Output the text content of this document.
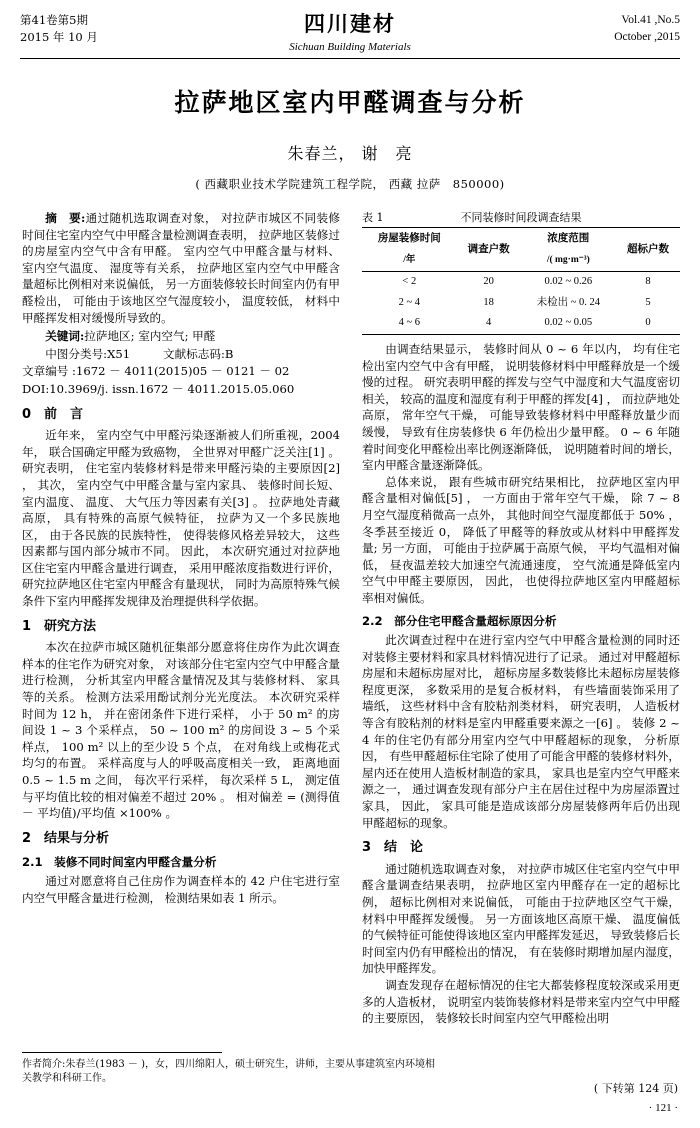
第41卷第5期
2015 年 10 月
四川建材
Sichuan Building Materials
Vol.41 ,No.5
October ,2015
拉萨地区室内甲醛调查与分析
朱春兰， 谢　亮
( 西藏职业技术学院建筑工程学院， 西藏 拉萨　850000)

摘　要:通过随机选取调查对象， 对拉萨市城区不同装修时间住宅室内空气中甲醛含量检测调查表明， 拉萨地区装修过的房屋室内空气中含有甲醛。 室内空气中甲醛含量与材料、 室内空气温度、 湿度等有关系， 拉萨地区室内空气中甲醛含量超标比例相对来说偏低， 另一方面装修较长时间室内仍有甲醛检出， 可能由于该地区空气湿度较小， 温度较低， 材料中甲醛挥发相对缓慢所导致的。

关键词:拉萨地区; 室内空气; 甲醛

中图分类号:X51	文献标志码:B

文章编号 :1672 － 4011(2015)05 － 0121 － 02

DOI:10.3969/j. issn.1672 － 4011.2015.05.060

0　前　言

近年来， 室内空气中甲醛污染逐渐被人们所重视，2004 年， 联合国确定甲醛为致癌物， 全世界对甲醛广泛关注[1] 。研究表明， 住宅室内装修材料是带来甲醛污染的主要原因[2] ， 其次， 室内空气中甲醛含量与室内家具、 装修时间长短、 室内温度、 温度、 大气压力等因素有关[3] 。 拉萨地处青藏高原， 具有特殊的高原气候特征， 拉萨为又一个多民族地区， 由于各民族的民族特性， 使得装修风格差异较大， 这些因素都与国内部分城市不同。 因此， 本次研究通过对拉萨地区住宅室内甲醛含量进行调查， 采用甲醛浓度指数进行评价， 研究拉萨地区住宅室内甲醛含有量现状， 同时为高原特殊气候条件下室内甲醛挥发规律及治理提供科学依据。

1　研究方法

本次在拉萨市城区随机征集部分愿意将住房作为此次调查样本的住宅作为研究对象， 对该部分住宅室内空气中甲醛含量进行检测， 分析其室内甲醛含量情况及其与装修材料、 家具等的关系。 检测方法采用酚试剂分光光度法。 本次研究采样时间为 12 h， 并在密闭条件下进行采样， 小于 50 m² 的房间设 1 ~ 3 个采样点， 50 ~ 100 m² 的房间设 3 ~ 5 个采样点， 100 m² 以上的至少设 5 个点， 在对角线上或梅花式均匀的布置。 采样高度与人的呼吸高度相关一致， 距离地面 0.5 ~ 1.5 m 之间， 每次平行采样， 每次采样 5 L， 测定值与平均值比较的相对偏差不超过 20% 。 相对偏差 = (测得值 － 平均值)/平均值 ×100% 。

2　结果与分析
2.1　装修不同时间室内甲醛含量分析

通过对愿意将自己住房作为调查样本的 42 户住宅进行室内空气甲醛含量进行检测， 检测结果如表 1 所示。

表 1	不同装修时间段调查结果
房屋装修时间	调查户数	浓度范围	超标户数
/年		/( mg·m⁻³)	
< 2	20	0.02 ~ 0.26	8
2 ~ 4	18	未检出 ~ 0. 24	5
4 ~ 6	4	0.02 ~ 0.05	0

由调查结果显示， 装修时间从 0 ~ 6 年以内， 均有住宅检出室内空气中含有甲醛， 说明装修材料中甲醛释放是一个缓慢的过程。 研究表明甲醛的挥发与空气中湿度和大气温度密切相关， 较高的温度和湿度有利于甲醛的挥发[4] ， 而拉萨地处高原， 常年空气干燥， 可能导致装修材料中甲醛释放量少而缓慢， 导致有住房装修快 6 年仍检出少量甲醛。 0 ~ 6 年随着时间变化甲醛检出率比例逐渐降低， 说明随着时间的增长， 室内甲醛含量逐渐降低。

总体来说， 跟有些城市研究结果相比， 拉萨地区室内甲醛含量相对偏低[5] ， 一方面由于常年空气干燥， 除 7 ~ 8 月空气湿度稍微高一点外， 其他时间空气湿度都低于 50% ， 冬季甚至接近 0， 降低了甲醛等的释放或从材料中甲醛挥发量; 另一方面， 可能由于拉萨属于高原气候， 平均气温相对偏低， 昼夜温差较大加速空气流通速度， 空气流通是降低室内空气中甲醛主要原因， 因此， 也使得拉萨地区室内甲醛超标率相对偏低。

2.2　部分住宅甲醛含量超标原因分析

此次调查过程中在进行室内空气中甲醛含量检测的同时还对装修主要材料和家具材料情况进行了记录。 通过对甲醛超标房屋和未超标房屋对比， 超标房屋多数装修比未超标房屋装修程度更深， 多数采用的是复合板材料， 有些墙面装饰采用了墙纸， 这些材料中含有胶粘剂类材料， 研究表明， 人造板材等含有胶粘剂的材料是室内甲醛重要来源之一[6] 。 装修 2 ~ 4 年的住宅仍有部分用室内空气中甲醛超标的现象， 分析原因， 有些甲醛超标住宅除了使用了可能含甲醛的装修材料外， 屋内还在使用人造板材制造的家具， 家具也是室内空气甲醛来源之一， 通过调查发现有部分户主在居住过程中为房屋添置过家具， 因此， 家具可能是造成该部分房屋装修两年后仍出现甲醛超标的现象。

3　结　论

通过随机选取调查对象， 对拉萨市城区住宅室内空气中甲醛含量调查结果表明， 拉萨地区室内甲醛存在一定的超标比例， 超标比例相对来说偏低， 可能由于拉萨地区空气干燥， 材料中甲醛挥发缓慢。 另一方面该地区高原干燥、 温度偏低的气候特征可能使得该地区室内甲醛挥发延迟， 导致装修后长时间室内仍有甲醛检出的情况， 有在装修时期增加屋内湿度， 加快甲醛挥发。

调查发现存在超标情况的住宅大都装修程度较深或采用更多的人造板材， 说明室内装饰装修材料是带来室内空气中甲醛的主要原因， 装修较长时间室内空气甲醛检出明

作者简介:朱春兰(1983 － )，女，四川绵阳人，硕士研究生，讲师，主要从事建筑室内环境相关教学和科研工作。
( 下转第 124 页)
· 121 ·
